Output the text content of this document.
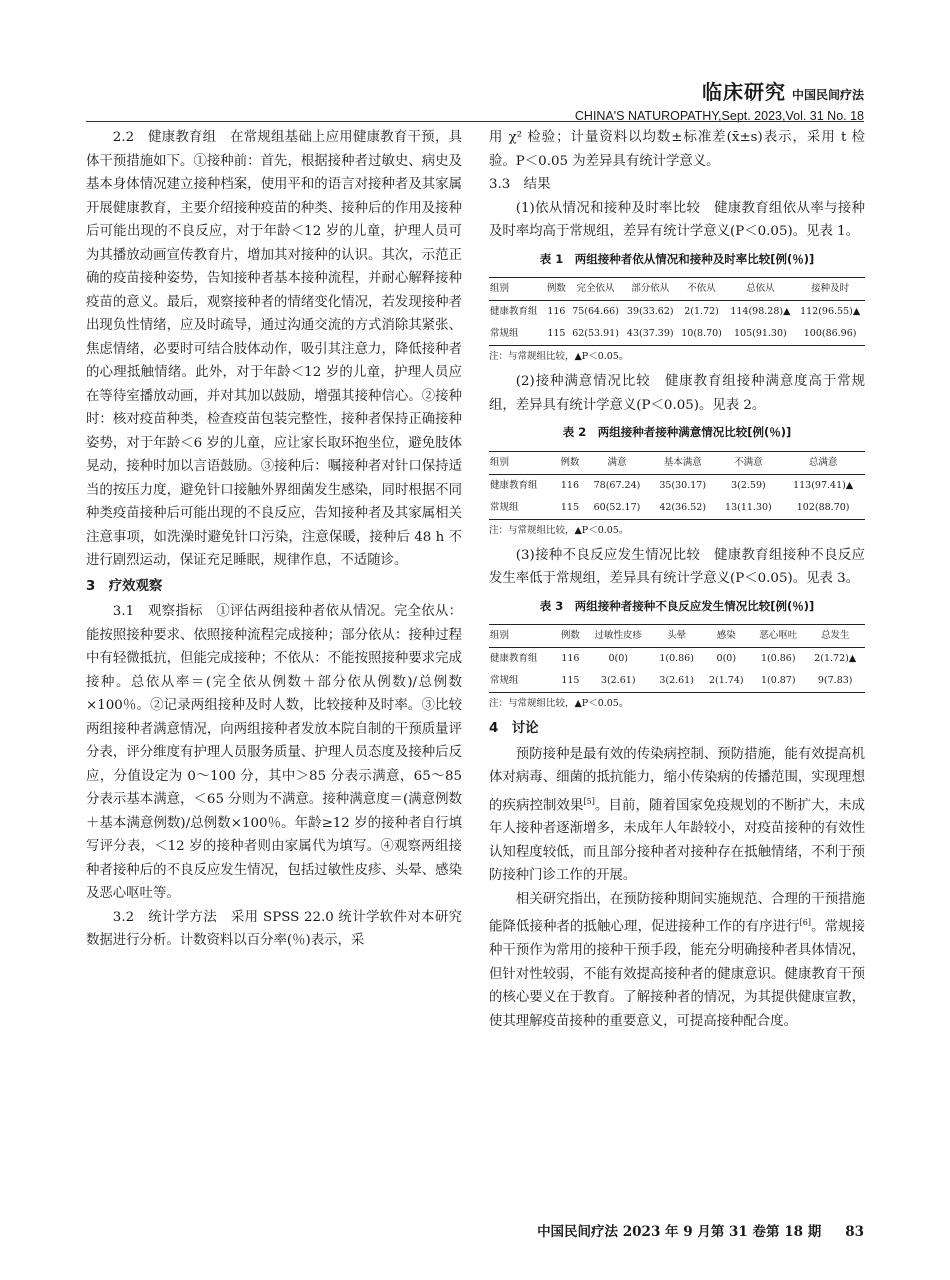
临床研究 中国民间疗法
CHINA'S NATUROPATHY,Sept. 2023,Vol. 31 No. 18

2.2　健康教育组　在常规组基础上应用健康教育干预，具体干预措施如下。①接种前：首先，根据接种者过敏史、病史及基本身体情况建立接种档案，使用平和的语言对接种者及其家属开展健康教育，主要介绍接种疫苗的种类、接种后的作用及接种后可能出现的不良反应，对于年龄＜12 岁的儿童，护理人员可为其播放动画宣传教育片，增加其对接种的认识。其次，示范正确的疫苗接种姿势，告知接种者基本接种流程，并耐心解释接种疫苗的意义。最后，观察接种者的情绪变化情况，若发现接种者出现负性情绪，应及时疏导，通过沟通交流的方式消除其紧张、焦虑情绪，必要时可结合肢体动作，吸引其注意力，降低接种者的心理抵触情绪。此外，对于年龄＜12 岁的儿童，护理人员应在等待室播放动画，并对其加以鼓励，增强其接种信心。②接种时：核对疫苗种类，检查疫苗包装完整性，接种者保持正确接种姿势，对于年龄＜6 岁的儿童，应让家长取环抱坐位，避免肢体晃动，接种时加以言语鼓励。③接种后：嘱接种者对针口保持适当的按压力度，避免针口接触外界细菌发生感染，同时根据不同种类疫苗接种后可能出现的不良反应，告知接种者及其家属相关注意事项，如洗澡时避免针口污染，注意保暖，接种后 48 h 不进行剧烈运动，保证充足睡眠，规律作息，不适随诊。

3　疗效观察

3.1　观察指标　①评估两组接种者依从情况。完全依从：能按照接种要求、依照接种流程完成接种；部分依从：接种过程中有轻微抵抗，但能完成接种；不依从：不能按照接种要求完成接种。总依从率＝(完全依从例数＋部分依从例数)/总例数×100％。②记录两组接种及时人数，比较接种及时率。③比较两组接种者满意情况，向两组接种者发放本院自制的干预质量评分表，评分维度有护理人员服务质量、护理人员态度及接种后反应，分值设定为 0～100 分，其中＞85 分表示满意，65～85 分表示基本满意，＜65 分则为不满意。接种满意度＝(满意例数＋基本满意例数)/总例数×100％。年龄≥12 岁的接种者自行填写评分表，＜12 岁的接种者则由家属代为填写。④观察两组接种者接种后的不良反应发生情况，包括过敏性皮疹、头晕、感染及恶心呕吐等。

3.2　统计学方法　采用 SPSS 22.0 统计学软件对本研究数据进行分析。计数资料以百分率(％)表示，采

用 χ² 检验；计量资料以均数±标准差(x̄±s)表示，采用 t 检验。P＜0.05 为差异具有统计学意义。

3.3　结果

(1)依从情况和接种及时率比较　健康教育组依从率与接种及时率均高于常规组，差异有统计学意义(P＜0.05)。见表 1。

表 1　两组接种者依从情况和接种及时率比较[例(％)]
组别	例数	完全依从	部分依从	不依从	总依从	接种及时
健康教育组	116	75(64.66)	39(33.62)	2(1.72)	114(98.28)▲	112(96.55)▲
常规组	115	62(53.91)	43(37.39)	10(8.70)	105(91.30)	100(86.96)

注：与常规组比较，▲P＜0.05。

(2)接种满意情况比较　健康教育组接种满意度高于常规组，差异具有统计学意义(P＜0.05)。见表 2。

表 2　两组接种者接种满意情况比较[例(％)]
组别	例数	满意	基本满意	不满意	总满意
健康教育组	116	78(67.24)	35(30.17)	3(2.59)	113(97.41)▲
常规组	115	60(52.17)	42(36.52)	13(11.30)	102(88.70)

注：与常规组比较，▲P＜0.05。

(3)接种不良反应发生情况比较　健康教育组接种不良反应发生率低于常规组，差异具有统计学意义(P＜0.05)。见表 3。

表 3　两组接种者接种不良反应发生情况比较[例(％)]
组别	例数	过敏性皮疹	头晕	感染	恶心呕吐	总发生
健康教育组	116	0(0)	1(0.86)	0(0)	1(0.86)	2(1.72)▲
常规组	115	3(2.61)	3(2.61)	2(1.74)	1(0.87)	9(7.83)

注：与常规组比较，▲P＜0.05。

4　讨论

预防接种是最有效的传染病控制、预防措施，能有效提高机体对病毒、细菌的抵抗能力，缩小传染病的传播范围，实现理想的疾病控制效果[5]。目前，随着国家免疫规划的不断扩大，未成年人接种者逐渐增多，未成年人年龄较小，对疫苗接种的有效性认知程度较低，而且部分接种者对接种存在抵触情绪，不利于预防接种门诊工作的开展。

相关研究指出，在预防接种期间实施规范、合理的干预措施能降低接种者的抵触心理，促进接种工作的有序进行[6]。常规接种干预作为常用的接种干预手段，能充分明确接种者具体情况，但针对性较弱，不能有效提高接种者的健康意识。健康教育干预的核心要义在于教育。了解接种者的情况，为其提供健康宣教，使其理解疫苗接种的重要意义，可提高接种配合度。

中国民间疗法 2023 年 9 月第 31 卷第 18 期 83
